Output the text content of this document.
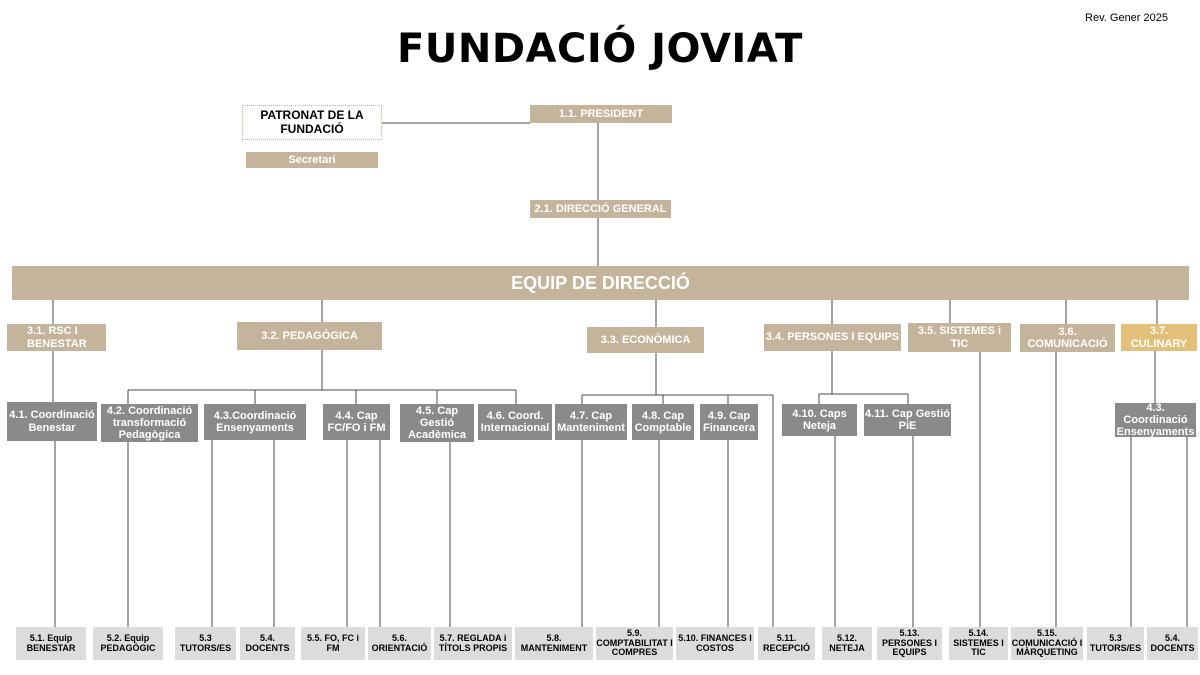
FUNDACIÓ JOVIAT
Rev. Gener 2025
PATRONAT DE LA FUNDACIÓ
Secretari
1.1. PRESIDENT
2.1. DIRECCIÓ GENERAL
EQUIP DE DIRECCIÓ
3.1. RSC I BENESTAR
3.2. PEDAGÒGICA	3.3. ECONÒMICA	3.4. PERSONES I EQUIPS
3.5. SISTEMES i TIC
3.6. COMUNICACIÓ
3.7. CULINARY
4.1. Coordinació Benestar
4.2. Coordinació transformació Pedagògica
4.3.Coordinació Ensenyaments
4.4. Cap FC/FO i FM
4.5. Cap Gestió Acadèmica
4.6. Coord. Internacional
4.7. Cap Manteniment
4.8. Cap Comptable
4.9. Cap Financera
4.10. Caps Neteja
4.11. Cap Gestió PiE
4.3. Coordinació Ensenyaments
5.1. Equip BENESTAR
5.2. Equip PEDAGÒGIC
5.3 TUTORS/ES
5.4. DOCENTS
5.5. FO, FC i FM
5.6. ORIENTACIÓ
5.7. REGLADA i TÍTOLS PROPIS
5.8. MANTENIMENT
5.9. COMPTABILITAT I COMPRES
5.10. FINANCES I COSTOS
5.11. RECEPCIÓ
5.12. NETEJA
5.13. PERSONES I EQUIPS
5.14. SISTEMES I TIC
5.15. COMUNICACIÓ I MÀRQUETING
5.3 TUTORS/ES
5.4. DOCENTS
